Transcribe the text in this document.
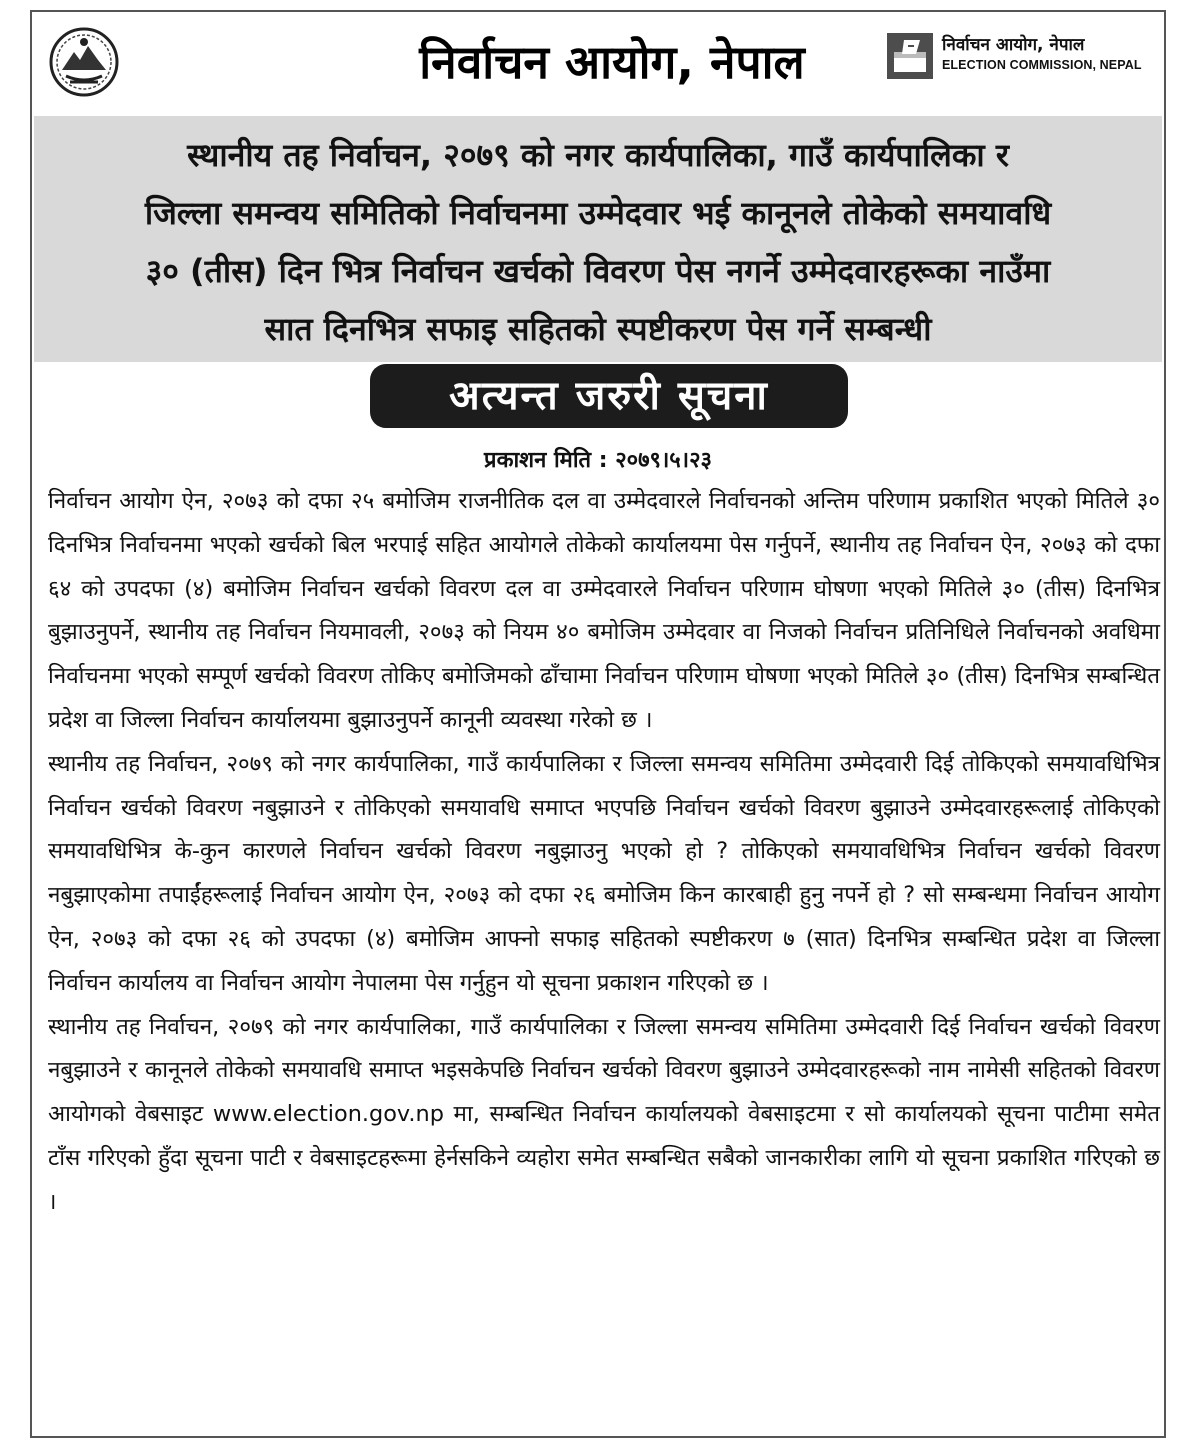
निर्वाचन आयोग, नेपाल	निर्वाचन आयोग, नेपाल
ELECTION COMMISSION, NEPAL
स्थानीय तह निर्वाचन, २०७९ को नगर कार्यपालिका, गाउँ कार्यपालिका र
जिल्ला समन्वय समितिको निर्वाचनमा उम्मेदवार भई कानूनले तोकेको समयावधि
३० (तीस) दिन भित्र निर्वाचन खर्चको विवरण पेस नगर्ने उम्मेदवारहरूका नाउँमा
सात दिनभित्र सफाइ सहितको स्पष्टीकरण पेस गर्ने सम्बन्धी
अत्यन्त जरुरी सूचना
प्रकाशन मिति : २०७९।५।२३

निर्वाचन आयोग ऐन, २०७३ को दफा २५ बमोजिम राजनीतिक दल वा उम्मेदवारले निर्वाचनको अन्तिम परिणाम प्रकाशित भएको मितिले ३० दिनभित्र निर्वाचनमा भएको खर्चको बिल भरपाई सहित आयोगले तोकेको कार्यालयमा पेस गर्नुपर्ने, स्थानीय तह निर्वाचन ऐन, २०७३ को दफा ६४ को उपदफा (४) बमोजिम निर्वाचन खर्चको विवरण दल वा उम्मेदवारले निर्वाचन परिणाम घोषणा भएको मितिले ३० (तीस) दिनभित्र बुझाउनुपर्ने, स्थानीय तह निर्वाचन नियमावली, २०७३ को नियम ४० बमोजिम उम्मेदवार वा निजको निर्वाचन प्रतिनिधिले निर्वाचनको अवधिमा निर्वाचनमा भएको सम्पूर्ण खर्चको विवरण तोकिए बमोजिमको ढाँचामा निर्वाचन परिणाम घोषणा भएको मितिले ३० (तीस) दिनभित्र सम्बन्धित प्रदेश वा जिल्ला निर्वाचन कार्यालयमा बुझाउनुपर्ने कानूनी व्यवस्था गरेको छ ।

स्थानीय तह निर्वाचन, २०७९ को नगर कार्यपालिका, गाउँ कार्यपालिका र जिल्ला समन्वय समितिमा उम्मेदवारी दिई तोकिएको समयावधिभित्र निर्वाचन खर्चको विवरण नबुझाउने र तोकिएको समयावधि समाप्त भएपछि निर्वाचन खर्चको विवरण बुझाउने उम्मेदवारहरूलाई तोकिएको समयावधिभित्र के-कुन कारणले निर्वाचन खर्चको विवरण नबुझाउनु भएको हो ? तोकिएको समयावधिभित्र निर्वाचन खर्चको विवरण नबुझाएकोमा तपाईंहरूलाई निर्वाचन आयोग ऐन, २०७३ को दफा २६ बमोजिम किन कारबाही हुनु नपर्ने हो ? सो सम्बन्धमा निर्वाचन आयोग ऐन, २०७३ को दफा २६ को उपदफा (४) बमोजिम आफ्नो सफाइ सहितको स्पष्टीकरण ७ (सात) दिनभित्र सम्बन्धित प्रदेश वा जिल्ला निर्वाचन कार्यालय वा निर्वाचन आयोग नेपालमा पेस गर्नुहुन यो सूचना प्रकाशन गरिएको छ ।

स्थानीय तह निर्वाचन, २०७९ को नगर कार्यपालिका, गाउँ कार्यपालिका र जिल्ला समन्वय समितिमा उम्मेदवारी दिई निर्वाचन खर्चको विवरण नबुझाउने र कानूनले तोकेको समयावधि समाप्त भइसकेपछि निर्वाचन खर्चको विवरण बुझाउने उम्मेदवारहरूको नाम नामेसी सहितको विवरण आयोगको वेबसाइट www.election.gov.np मा, सम्बन्धित निर्वाचन कार्यालयको वेबसाइटमा र सो कार्यालयको सूचना पाटीमा समेत टाँस गरिएको हुँदा सूचना पाटी र वेबसाइटहरूमा हेर्नसकिने व्यहोरा समेत सम्बन्धित सबैको जानकारीका लागि यो सूचना प्रकाशित गरिएको छ ।
